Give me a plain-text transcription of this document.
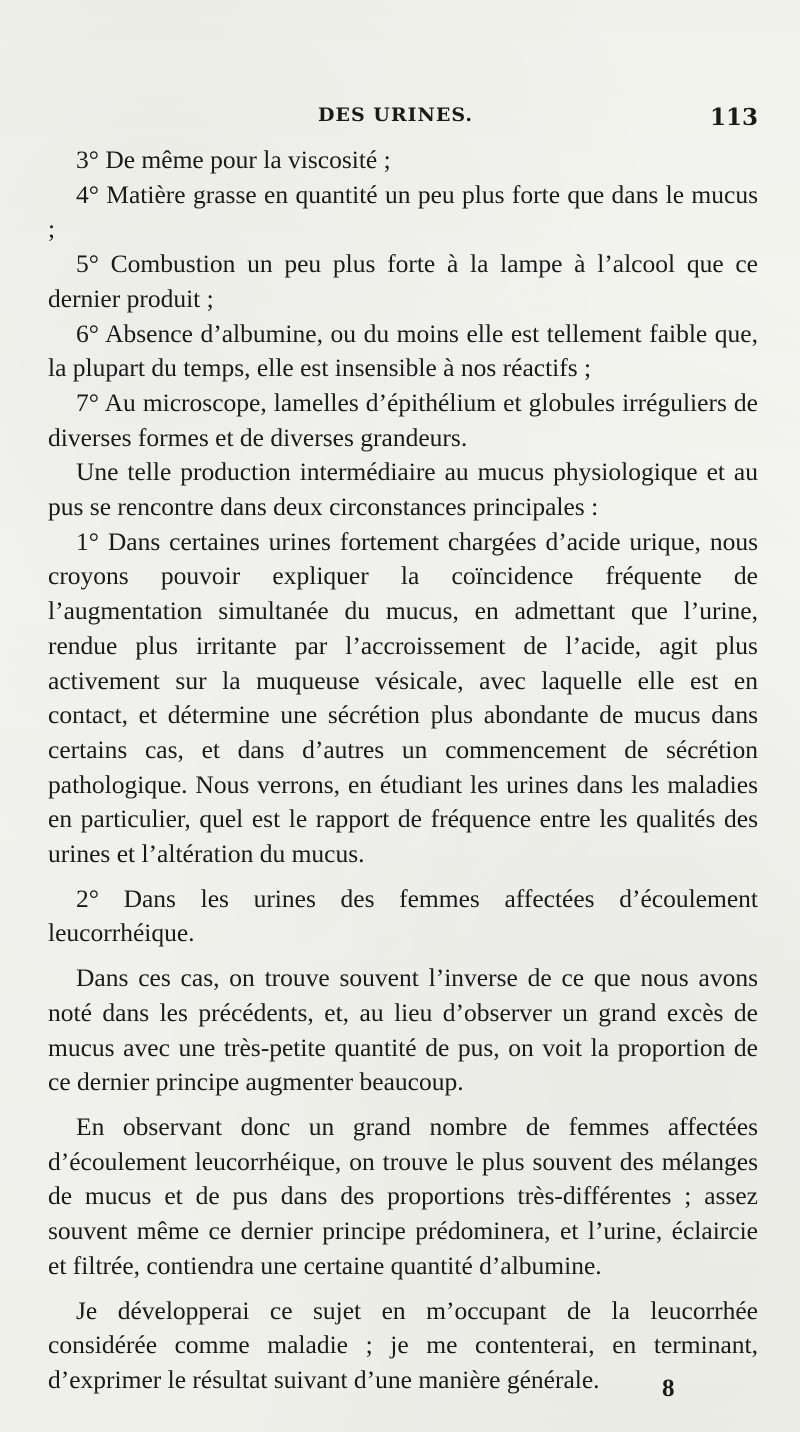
DES URINES.	113

3° De même pour la viscosité ;

4° Matière grasse en quantité un peu plus forte que dans le mucus ;

5° Combustion un peu plus forte à la lampe à l’alcool que ce dernier produit ;

6° Absence d’albumine, ou du moins elle est tellement faible que, la plupart du temps, elle est insensible à nos réactifs ;

7° Au microscope, lamelles d’épithélium et globules irréguliers de diverses formes et de diverses grandeurs.

Une telle production intermédiaire au mucus physiologique et au pus se rencontre dans deux circonstances principales :

1° Dans certaines urines fortement chargées d’acide urique, nous croyons pouvoir expliquer la coïncidence fréquente de l’augmentation simultanée du mucus, en admettant que l’urine, rendue plus irritante par l’accroissement de l’acide, agit plus activement sur la muqueuse vésicale, avec laquelle elle est en contact, et détermine une sécrétion plus abondante de mucus dans certains cas, et dans d’autres un commencement de sécrétion pathologique. Nous verrons, en étudiant les urines dans les maladies en particulier, quel est le rapport de fréquence entre les qualités des urines et l’altération du mucus.

2° Dans les urines des femmes affectées d’écoulement leucorrhéique.

Dans ces cas, on trouve souvent l’inverse de ce que nous avons noté dans les précédents, et, au lieu d’observer un grand excès de mucus avec une très-petite quantité de pus, on voit la proportion de ce dernier principe augmenter beaucoup.

En observant donc un grand nombre de femmes affectées d’écoulement leucorrhéique, on trouve le plus souvent des mélanges de mucus et de pus dans des proportions très-différentes ; assez souvent même ce dernier principe prédominera, et l’urine, éclaircie et filtrée, contiendra une certaine quantité d’albumine.

Je développerai ce sujet en m’occupant de la leucorrhée considérée comme maladie ; je me contenterai, en terminant, d’exprimer le résultat suivant d’une manière générale.	8
